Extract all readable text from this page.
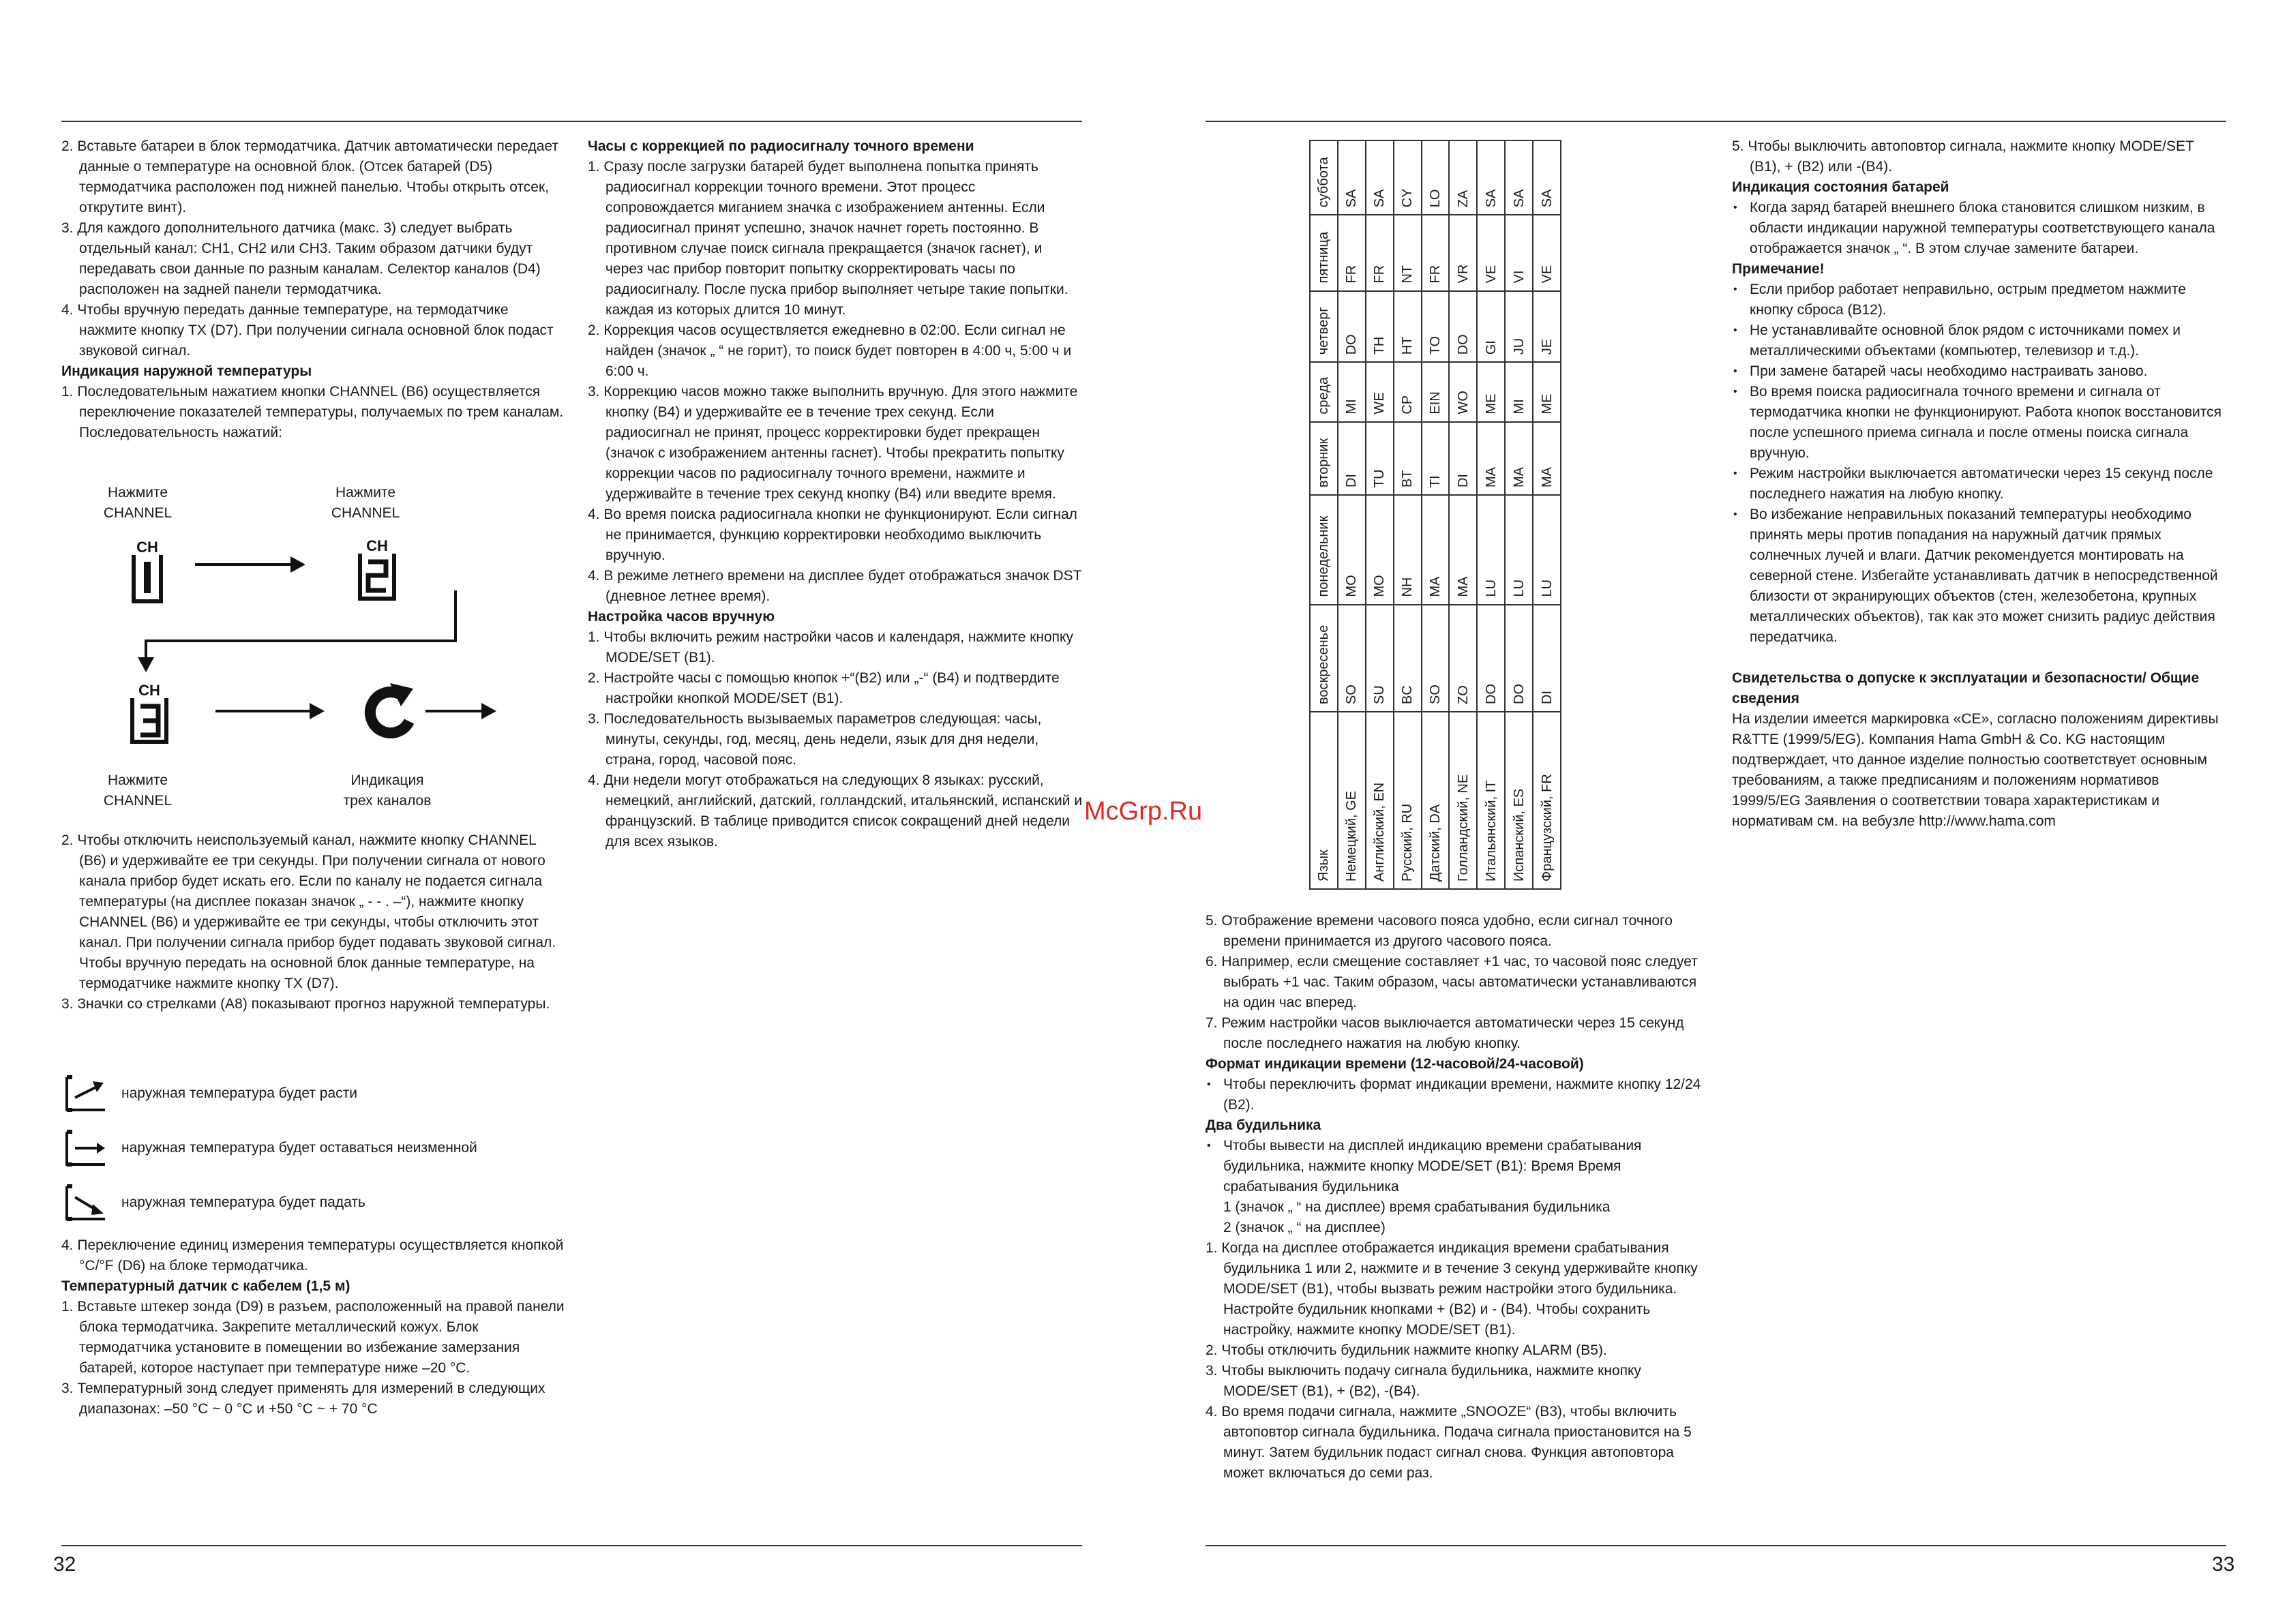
32

2. Вставьте батареи в блок термодатчика. Датчик автоматически передает данные о температуре на основной блок. (Отсек батарей (D5) термодатчика расположен под нижней панелью. Чтобы открыть отсек, открутите винт).

3. Для каждого дополнительного датчика (макс. 3) следует выбрать отдельный канал: CH1, CH2 или CH3. Таким образом датчики будут передавать свои данные по разным каналам. Селектор каналов (D4) расположен на задней панели термодатчика.

4. Чтобы вручную передать данные температуре, на термодатчике нажмите кнопку TX (D7). При получении сигнала основной блок подаст звуковой сигнал.

Индикация наружной температуры

1. Последовательным нажатием кнопки CHANNEL (B6) осуществляется переключение показателей температуры, получаемых по трем каналам. Последовательность нажатий:

Нажмите CHANNEL
Нажмите CHANNEL
CH	CH
CH
Нажмите CHANNEL
Индикация трех каналов

2. Чтобы отключить неиспользуемый канал, нажмите кнопку CHANNEL (B6) и удерживайте ее три секунды. При получении сигнала от нового канала прибор будет искать его. Если по каналу не подается сигнала температуры (на дисплее показан значок „ - - . –“), нажмите кнопку CHANNEL (B6) и удерживайте ее три секунды, чтобы отключить этот канал. При получении сигнала прибор будет подавать звуковой сигнал. Чтобы вручную передать на основной блок данные температуре, на термодатчике нажмите кнопку TX (D7).

3. Значки со стрелками (A8) показывают прогноз наружной температуры.

наружная температура будет расти
наружная температура будет оставаться неизменной
наружная температура будет падать

4. Переключение единиц измерения температуры осуществляется кнопкой °C/°F (D6) на блоке термодатчика.

Температурный датчик с кабелем (1,5 м)

1. Вставьте штекер зонда (D9) в разъем, расположенный на правой панели блока термодатчика. Закрепите металлический кожух. Блок термодатчика установите в помещении во избежание замерзания батарей, которое наступает при температуре ниже –20 °C.

3. Температурный зонд следует применять для измерений в следующих диапазонах: –50 °C ~ 0 °C и +50 °C ~ + 70 °C

Часы с коррекцией по радиосигналу точного времени

1. Сразу после загрузки батарей будет выполнена попытка принять радиосигнал коррекции точного времени. Этот процесс сопровождается миганием значка с изображением антенны. Если радиосигнал принят успешно, значок начнет гореть постоянно. В противном случае поиск сигнала прекращается (значок гаснет), и через час прибор повторит попытку скорректировать часы по радиосигналу. После пуска прибор выполняет четыре такие попытки. каждая из которых длится 10 минут.

2. Коррекция часов осуществляется ежедневно в 02:00. Если сигнал не найден (значок „ “ не горит), то поиск будет повторен в 4:00 ч, 5:00 ч и 6:00 ч.

3. Коррекцию часов можно также выполнить вручную. Для этого нажмите кнопку (B4) и удерживайте ее в течение трех секунд. Если радиосигнал не принят, процесс корректировки будет прекращен (значок с изображением антенны гаснет). Чтобы прекратить попытку коррекции часов по радиосигналу точного времени, нажмите и удерживайте в течение трех секунд кнопку (B4) или введите время.

4. Во время поиска радиосигнала кнопки не функционируют. Если сигнал не принимается, функцию корректировки необходимо выключить вручную.

4. В режиме летнего времени на дисплее будет отображаться значок DST (дневное летнее время).

Настройка часов вручную

1. Чтобы включить режим настройки часов и календаря, нажмите кнопку MODE/SET (B1).

2. Настройте часы с помощью кнопок +“(B2) или „-“ (B4) и подтвердите настройки кнопкой MODE/SET (B1).

3. Последовательность вызываемых параметров следующая: часы, минуты, секунды, год, месяц, день недели, язык для дня недели, страна, город, часовой пояс.

4. Дни недели могут отображаться на следующих 8 языках: русский, немецкий, английский, датский, голландский, итальянский, испанский и французский. В таблице приводится список сокращений дней недели для всех языков.

McGrp.Ru
33
Язык	воскресенье	понедельник	вторник	среда	четверг	пятница	суббота
Немецкий, GE	SO	MO	DI	MI	DO	FR	SA
Английский, EN	SU	MO	TU	WE	TH	FR	SA
Русский, RU	BC	NH	BT	CP	HT	NT	CY
Датский, DA	SO	MA	TI	EIN	TO	FR	LO
Голландский, NE	ZO	MA	DI	WO	DO	VR	ZA
Итальянский, IT	DO	LU	MA	ME	GI	VE	SA
Испанский, ES	DO	LU	MA	MI	JU	VI	SA
Французский, FR	DI	LU	MA	ME	JE	VE	SA

5. Отображение времени часового пояса удобно, если сигнал точного времени принимается из другого часового пояса.

6. Например, если смещение составляет +1 час, то часовой пояс следует выбрать +1 час. Таким образом, часы автоматически устанавливаются на один час вперед.

7. Режим настройки часов выключается автоматически через 15 секунд после последнего нажатия на любую кнопку.

Формат индикации времени (12-часовой/24-часовой)

• Чтобы переключить формат индикации времени, нажмите кнопку 12/24 (B2).

Два будильника

• Чтобы вывести на дисплей индикацию времени срабатывания будильника, нажмите кнопку MODE/SET (B1): Время Время срабатывания будильника

1 (значок „ “ на дисплее) время срабатывания будильника

2 (значок „ “ на дисплее)

1. Когда на дисплее отображается индикация времени срабатывания будильника 1 или 2, нажмите и в течение 3 секунд удерживайте кнопку MODE/SET (B1), чтобы вызвать режим настройки этого будильника. Настройте будильник кнопками + (B2) и - (B4). Чтобы сохранить настройку, нажмите кнопку MODE/SET (B1).

2. Чтобы отключить будильник нажмите кнопку ALARM (B5).

3. Чтобы выключить подачу сигнала будильника, нажмите кнопку MODE/SET (B1), + (B2), -(B4).

4. Во время подачи сигнала, нажмите „SNOOZE“ (B3), чтобы включить автоповтор сигнала будильника. Подача сигнала приостановится на 5 минут. Затем будильник подаст сигнал снова. Функция автоповтора может включаться до семи раз.

5. Чтобы выключить автоповтор сигнала, нажмите кнопку MODE/SET (B1), + (B2) или -(B4).

Индикация состояния батарей

• Когда заряд батарей внешнего блока становится слишком низким, в области индикации наружной температуры соответствующего канала отображается значок „ “. В этом случае замените батареи.

Примечание!

• Если прибор работает неправильно, острым предметом нажмите кнопку сброса (B12).

• Не устанавливайте основной блок рядом с источниками помех и металлическими объектами (компьютер, телевизор и т.д.).

• При замене батарей часы необходимо настраивать заново.

• Во время поиска радиосигнала точного времени и сигнала от термодатчика кнопки не функционируют. Работа кнопок восстановится после успешного приема сигнала и после отмены поиска сигнала вручную.

• Режим настройки выключается автоматически через 15 секунд после последнего нажатия на любую кнопку.

• Во избежание неправильных показаний температуры необходимо принять меры против попадания на наружный датчик прямых солнечных лучей и влаги. Датчик рекомендуется монтировать на северной стене. Избегайте устанавливать датчик в непосредственной близости от экранирующих объектов (стен, железобетона, крупных металлических объектов), так как это может снизить радиус действия передатчика.

Свидетельства о допуске к эксплуатации и безопасности/ Общие сведения

На изделии имеется маркировка «CE», согласно положениям директивы R&TTE (1999/5/EG). Компания Hama GmbH & Co. KG настоящим подтверждает, что данное изделие полностью соответствует основным требованиям, а также предписаниям и положениям нормативов 1999/5/EG Заявления о соответствии товара характеристикам и нормативам см. на вебузле http://www.hama.com
